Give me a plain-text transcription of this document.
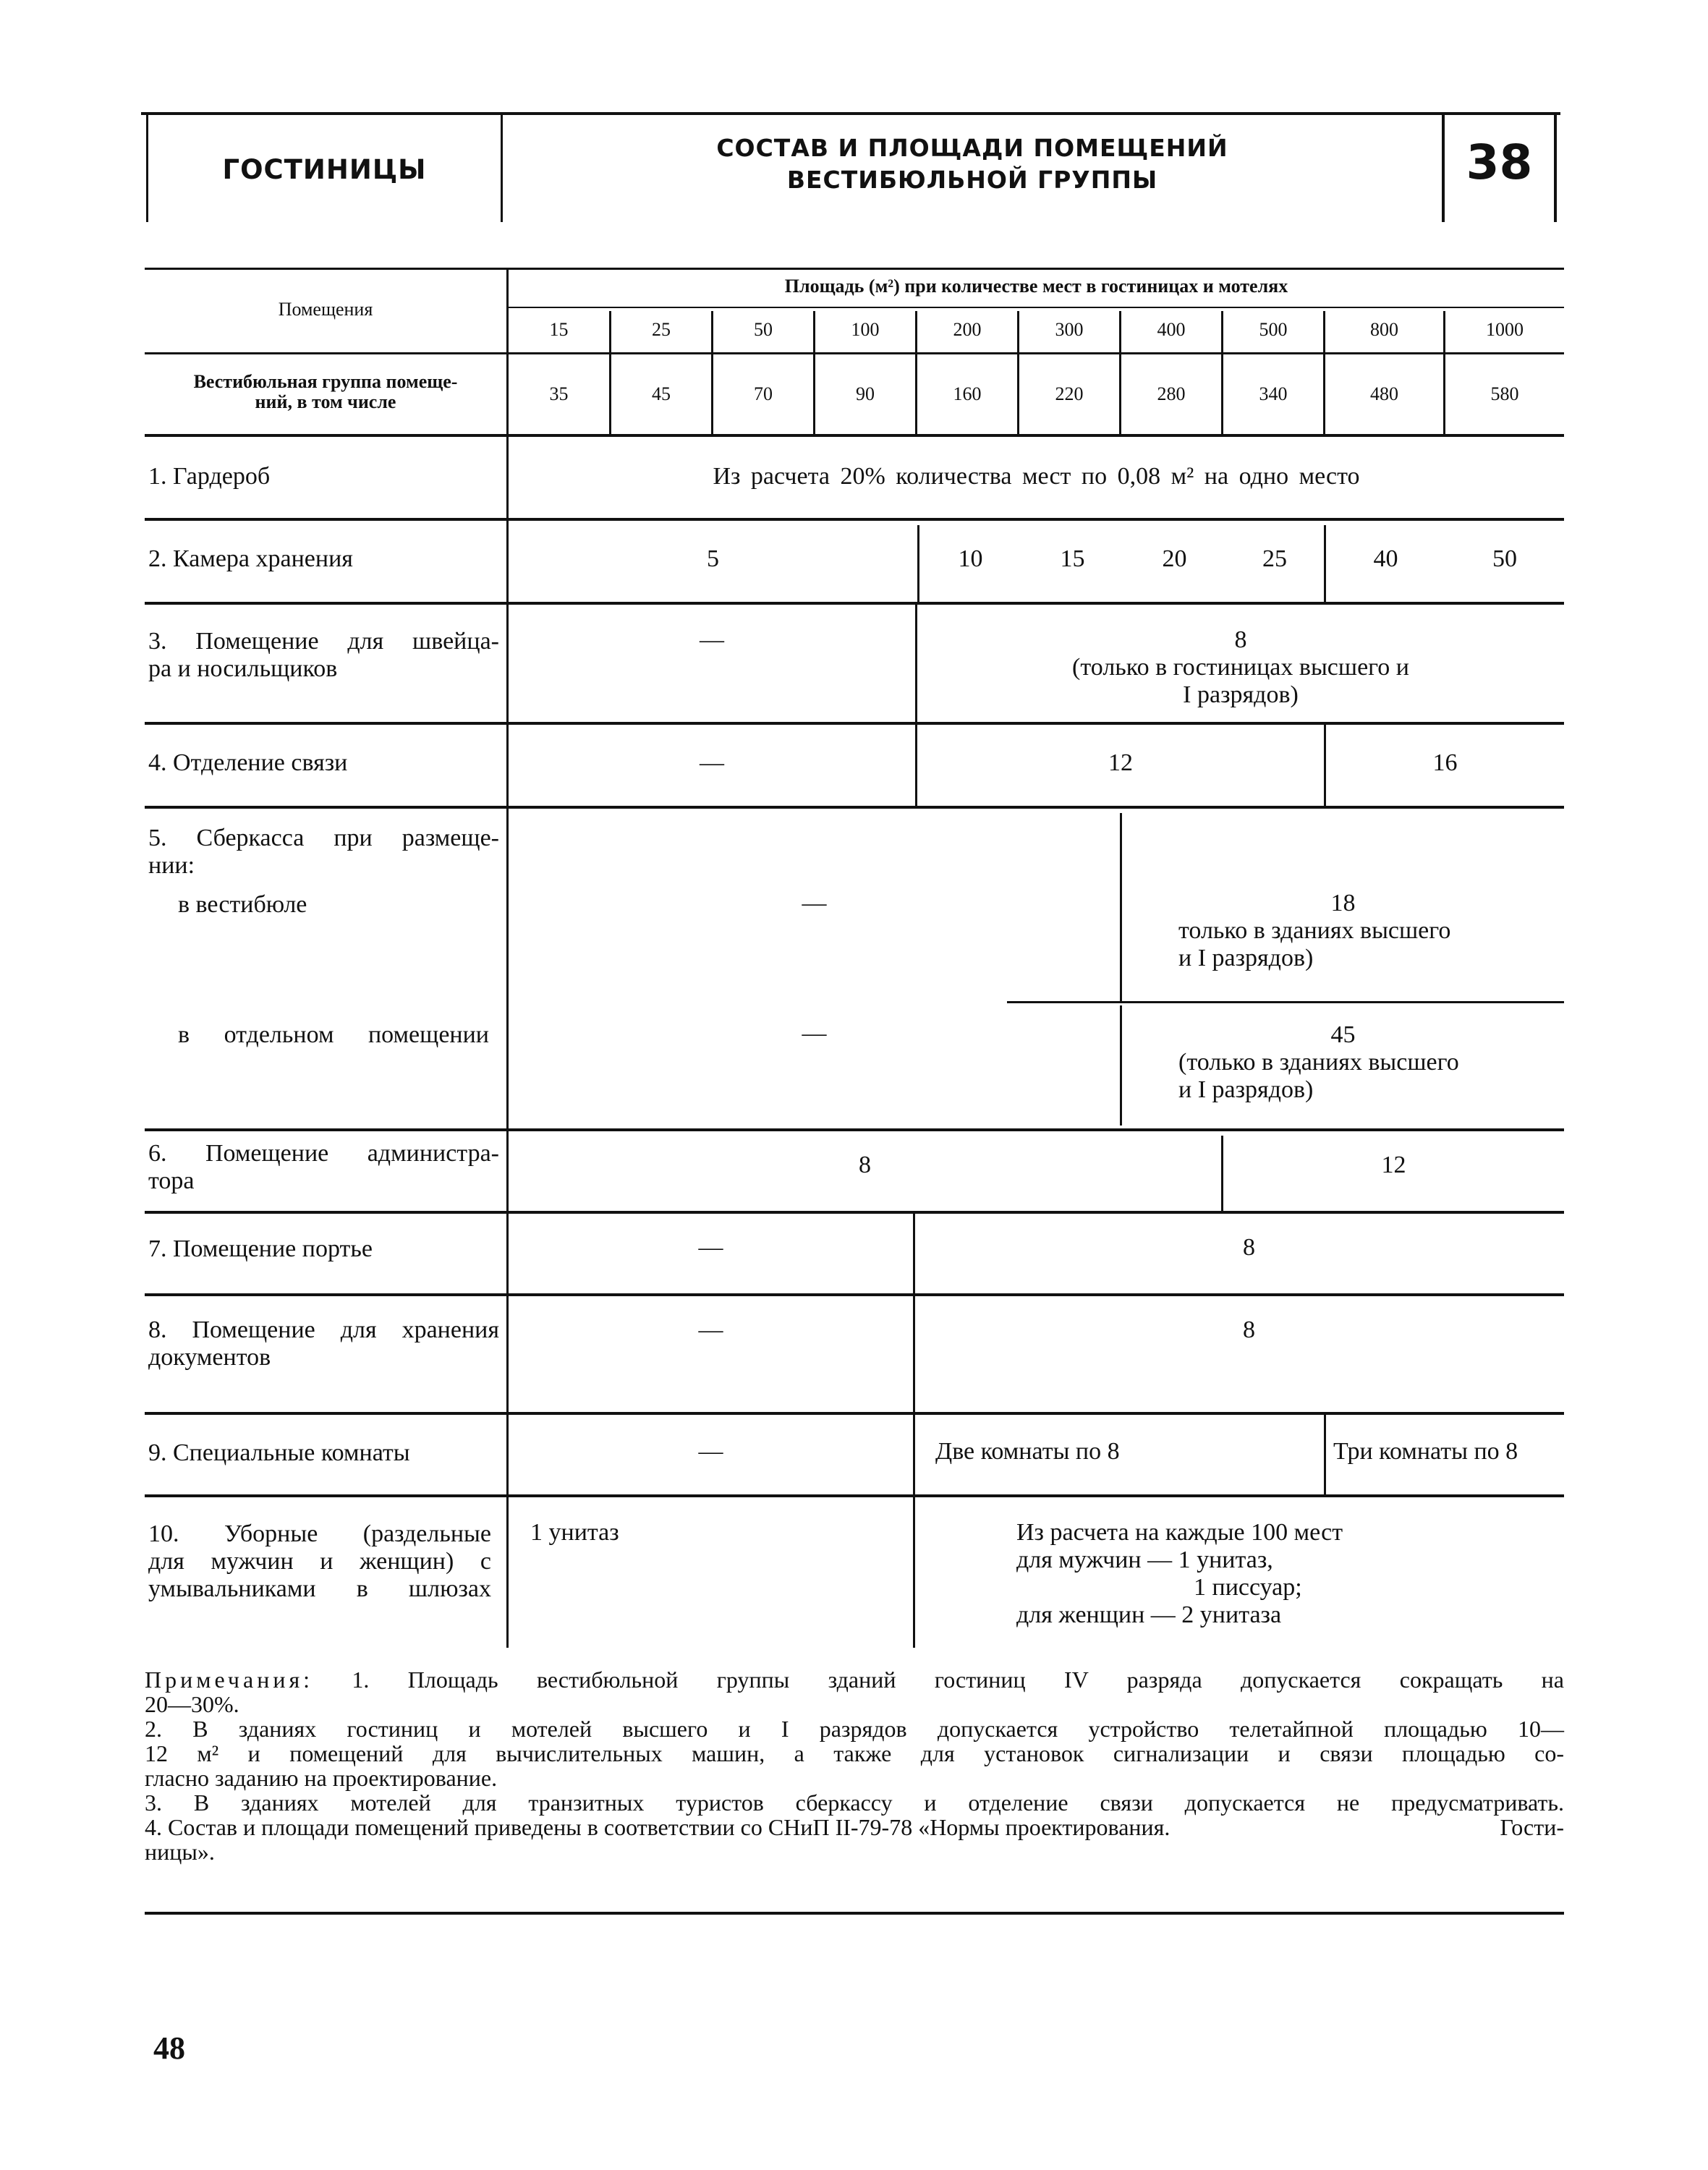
ГОСТИНИЦЫ
СОСТАВ И ПЛОЩАДИ ПОМЕЩЕНИЙ
ВЕСТИБЮЛЬНОЙ ГРУППЫ	38
Помещения
Площадь (м²) при количестве мест в гостиницах и мотелях
15	25	50	100	200	300	400	500	800	1000
Вестибюльная группа помеще-
ний, в том числе	35	45	70	90	160	220	280	340	480	580
1. Гардероб	Из расчета 20% количества мест по 0,08 м² на одно место
2. Камера хранения	5	10	15	20	25	40	50
3. Помещение для швейца-
ра и носильщиков
—	8
(только в гостиницах высшего и
I разрядов)
4. Отделение связи	—	12	16
5. Сберкасса при размеще-
нии:
в вестибюле	—	18
только в зданиях высшего
и I разрядов)
в отдельном помещении	—	45
(только в зданиях высшего
и I разрядов)
6. Помещение администра-
тора
8	12
7. Помещение портье	—	8
8. Помещение для хранения
документов
—	8
9. Специальные комнаты	—	Две комнаты по 8	Три комнаты по 8
10. Уборные (раздельные
для мужчин и женщин) с
умывальниками в шлюзах
1 унитаз	Из расчета на каждые 100 мест
для мужчин — 1 унитаз,
1 писсуар;
для женщин — 2 унитаза
Примечания: 1. Площадь вестибюльной группы зданий гостиниц IV разряда допускается сокращать на
20—30%.
2. В зданиях гостиниц и мотелей высшего и I разрядов допускается устройство телетайпной площадью 10—
12 м² и помещений для вычислительных машин, а также для установок сигнализации и связи площадью со-
гласно заданию на проектирование.
3. В зданиях мотелей для транзитных туристов сберкассу и отделение связи допускается не предусматривать.
4. Состав и площади помещений приведены в соответствии со СНиП II-79-78 «Нормы проектирования.	Гости-
ницы».
48
